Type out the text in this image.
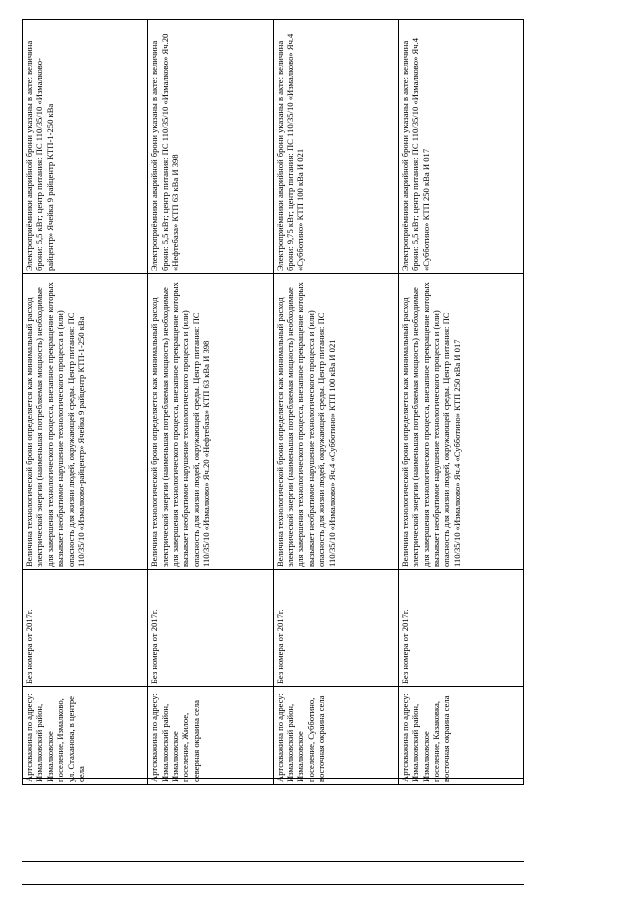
Артскважина по адресу: Измалковский район, Измалковское поселение, Измалково, ул. Стаханова, в центре села	Без номера от 2017г.	Величина технологической брони определяется как минимальный расход электрической энергии (наименьшая потребляемая мощность) необходимые для завершения технологического процесса, внезапное прекращение которых вызывает необратимое нарушение технологического процесса и (или) опасность для жизни людей, окружающей среды. Центр питания: ПС 110/35/10 «Измалково-райцентр» Ячейка 9 райцентр КТП-1-250 кВа	Электроприёмники аварийной брони указаны в акте: величина брони: 5,5 кВт; центр питания: ПС 110/35/10 «Измалково-райцентр» Ячейка 9 райцентр КТП-1-250 кВа

Артскважина по адресу: Измалковский район, Измалковское поселение, Жилое, северная окраина села	Без номера от 2017г.	Величина технологической брони определяется как минимальный расход электрической энергии (наименьшая потребляемая мощность) необходимые для завершения технологического процесса, внезапное прекращение которых вызывает необратимое нарушение технологического процесса и (или) опасность для жизни людей, окружающей среды. Центр питания: ПС 110/35/10 «Измалково» Яч.20 «Нефтебаза» КТП 63 кВа И 398	Электроприёмники аварийной брони указаны в акте: величина брони: 5,5 кВт; центр питания: ПС 110/35/10 «Измалково» Яч.20 «Нефтебаза» КТП 63 кВа И 398

Артскважина по адресу: Измалковский район, Измалковское поселение, Субботино, восточная окраина села	Без номера от 2017г.	Величина технологической брони определяется как минимальный расход электрической энергии (наименьшая потребляемая мощность) необходимые для завершения технологического процесса, внезапное прекращение которых вызывает необратимое нарушение технологического процесса и (или) опасность для жизни людей, окружающей среды. Центр питания: ПС 110/35/10 «Измалково» Яч.4 «Субботино» КТП 100 кВа И 021	Электроприёмники аварийной брони указаны в акте: величина брони: 9,75 кВт; центр питания: ПС 110/35/10 «Измалково» Яч.4 «Субботино» КТП 100 кВа И 021

Артскважина по адресу: Измалковский район, Измалковское поселение, Казаковка, восточная окраина села	Без номера от 2017г.	Величина технологической брони определяется как минимальный расход электрической энергии (наименьшая потребляемая мощность) необходимые для завершения технологического процесса, внезапное прекращение которых вызывает необратимое нарушение технологического процесса и (или) опасность для жизни людей, окружающей среды. Центр питания: ПС 110/35/10 «Измалково» Яч.4 «Субботино» КТП 250 кВа И 017	Электроприёмники аварийной брони указаны в акте: величина брони: 5,5 кВт; центр питания: ПС 110/35/10 «Измалково» Яч.4 «Субботино» КТП 250 кВа И 017
